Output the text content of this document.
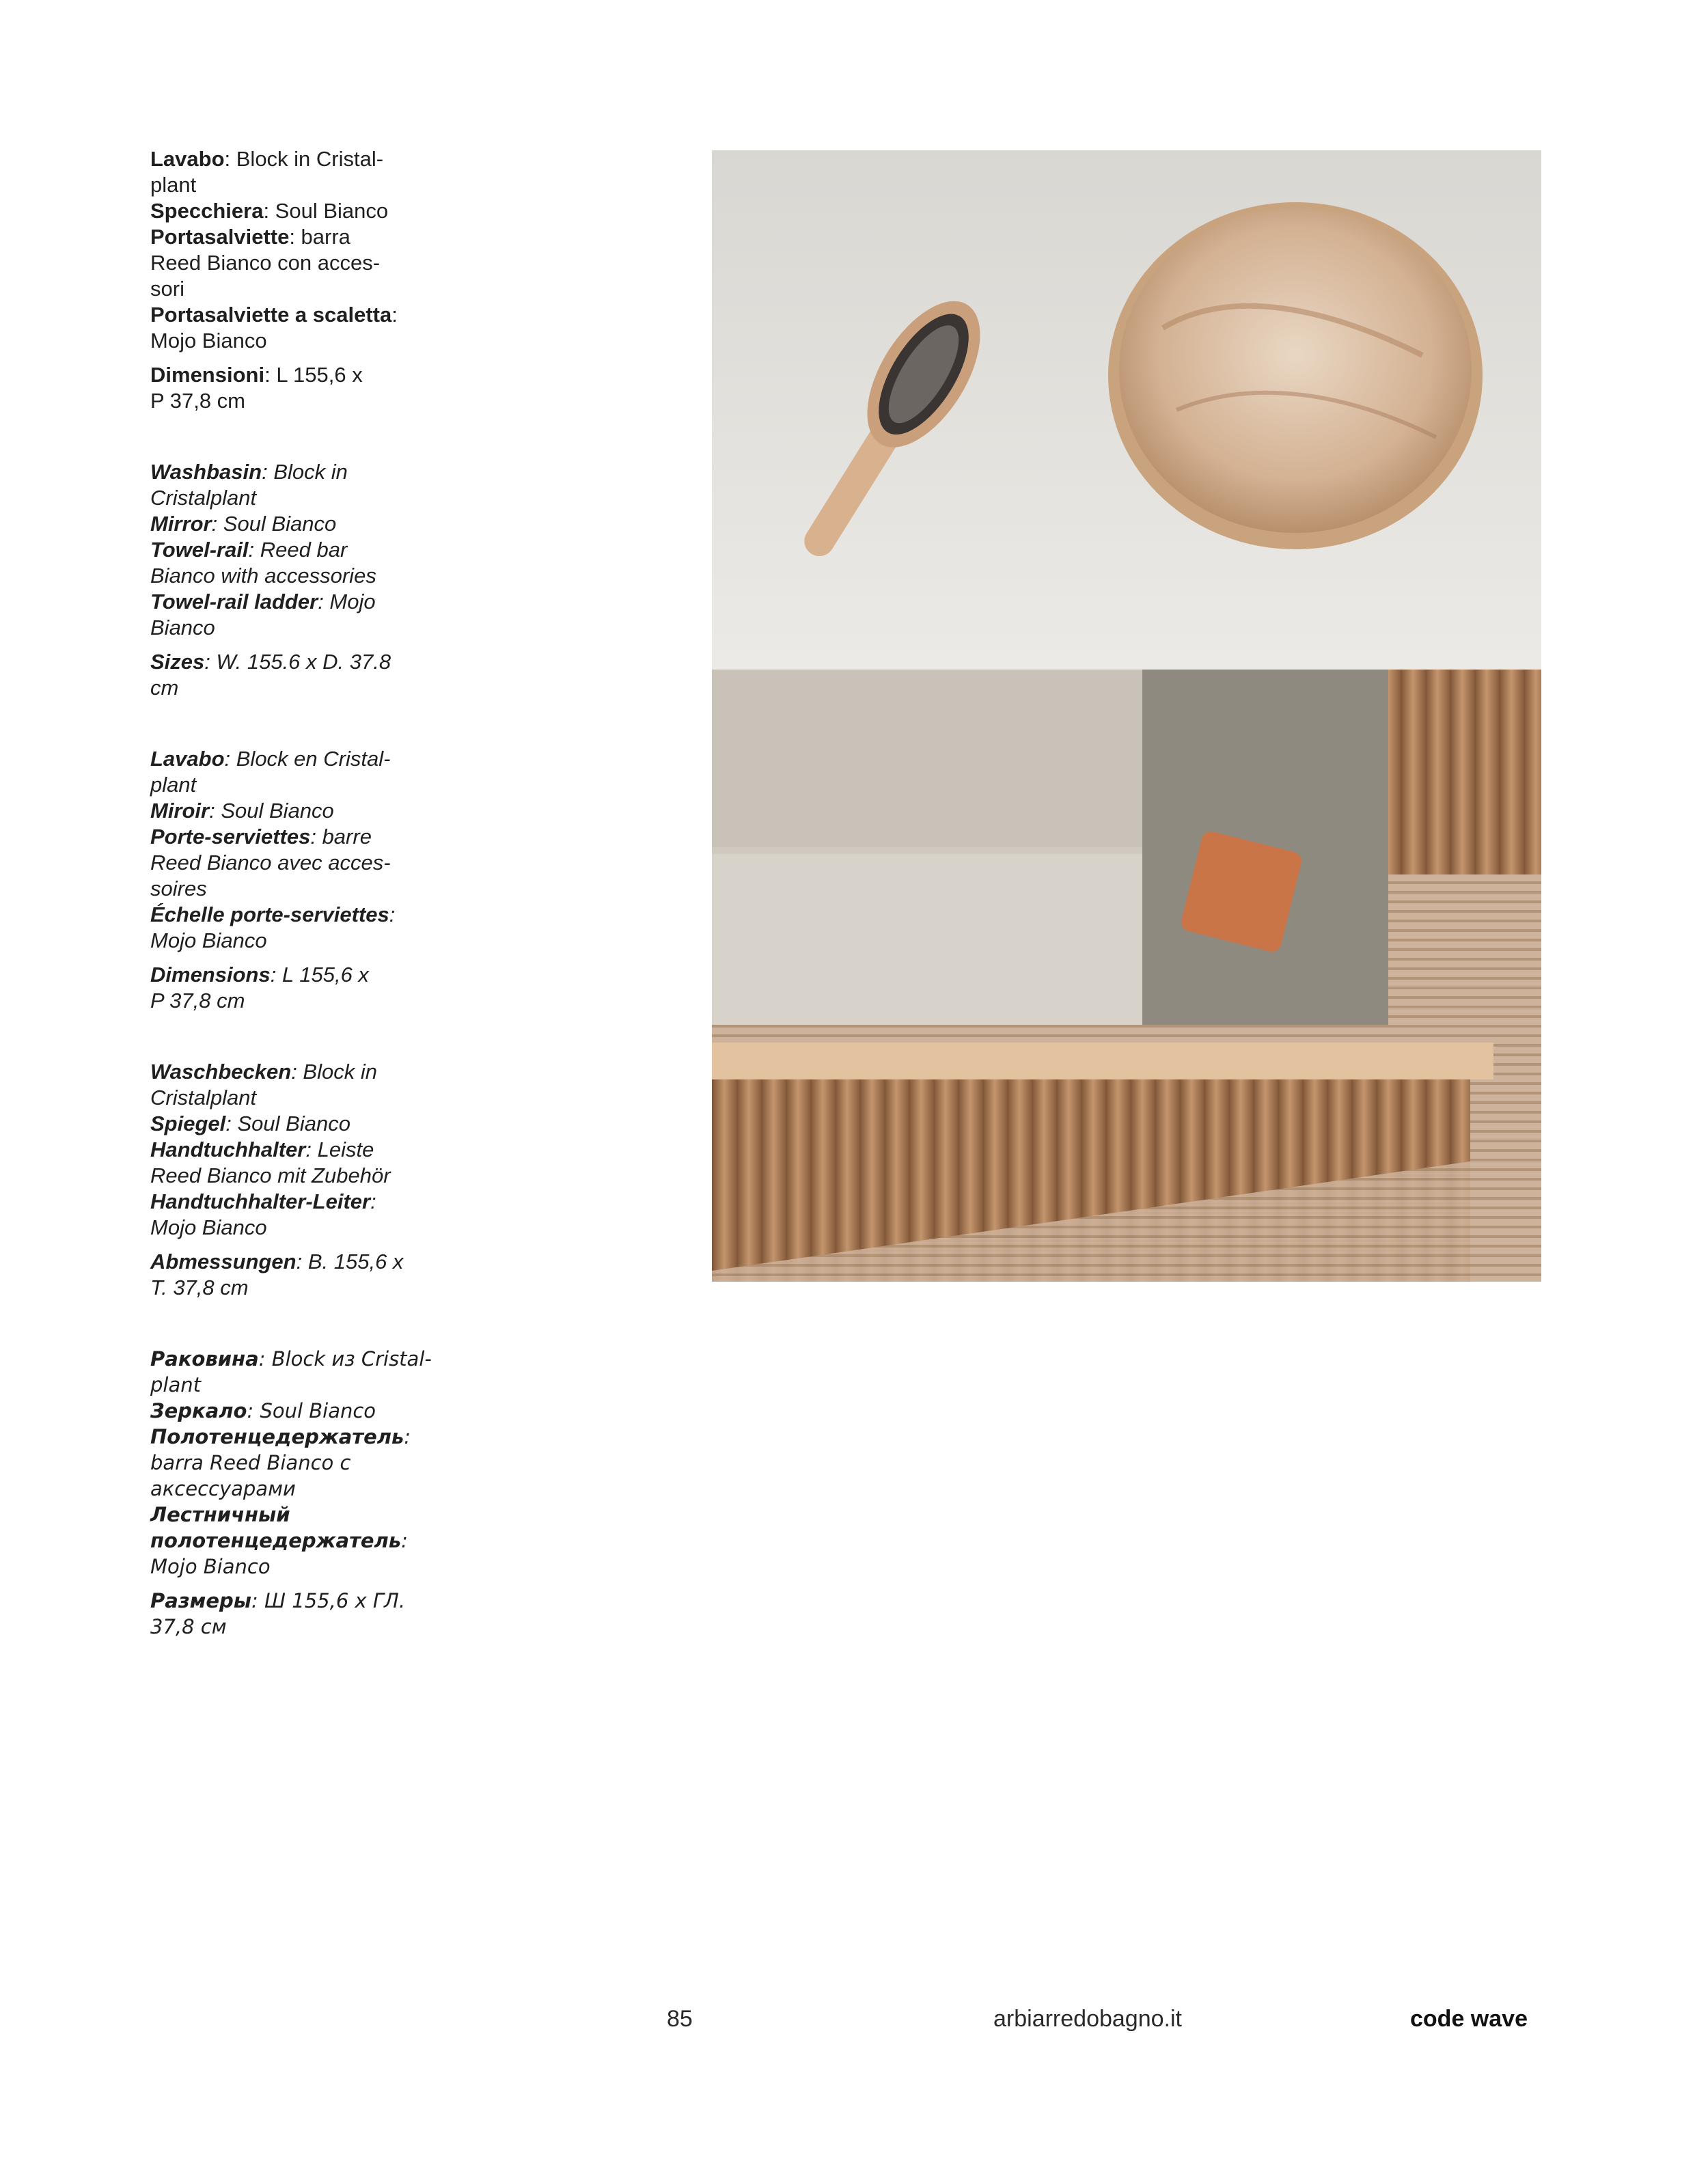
Lavabo: Block in Cristal-
plant
Specchiera: Soul Bianco
Portasalviette: barra
Reed Bianco con acces-
sori
Portasalviette a scaletta:
Mojo Bianco
Dimensioni: L 155,6 x
P 37,8 cm
Washbasin: Block in
Cristalplant
Mirror: Soul Bianco
Towel-rail: Reed bar
Bianco with accessories
Towel-rail ladder: Mojo
Bianco
Sizes: W. 155.6 x D. 37.8
cm
Lavabo: Block en Cristal-
plant
Miroir: Soul Bianco
Porte-serviettes: barre
Reed Bianco avec acces-
soires
Échelle porte-serviettes:
Mojo Bianco
Dimensions: L 155,6 x
P 37,8 cm
Waschbecken: Block in
Cristalplant
Spiegel: Soul Bianco
Handtuchhalter: Leiste
Reed Bianco mit Zubehör
Handtuchhalter-Leiter:
Mojo Bianco
Abmessungen: B. 155,6 x
T. 37,8 cm
Раковина: Block из Cristal-
plant
Зеркало: Soul Bianco
Полотенцедержатель:
barra Reed Bianco с
аксессуарами
Лестничный
полотенцедержатель:
Mojo Bianco
Размеры: Ш 155,6 x ГЛ.
37,8 см
85	arbiarredobagno.it	code wave
